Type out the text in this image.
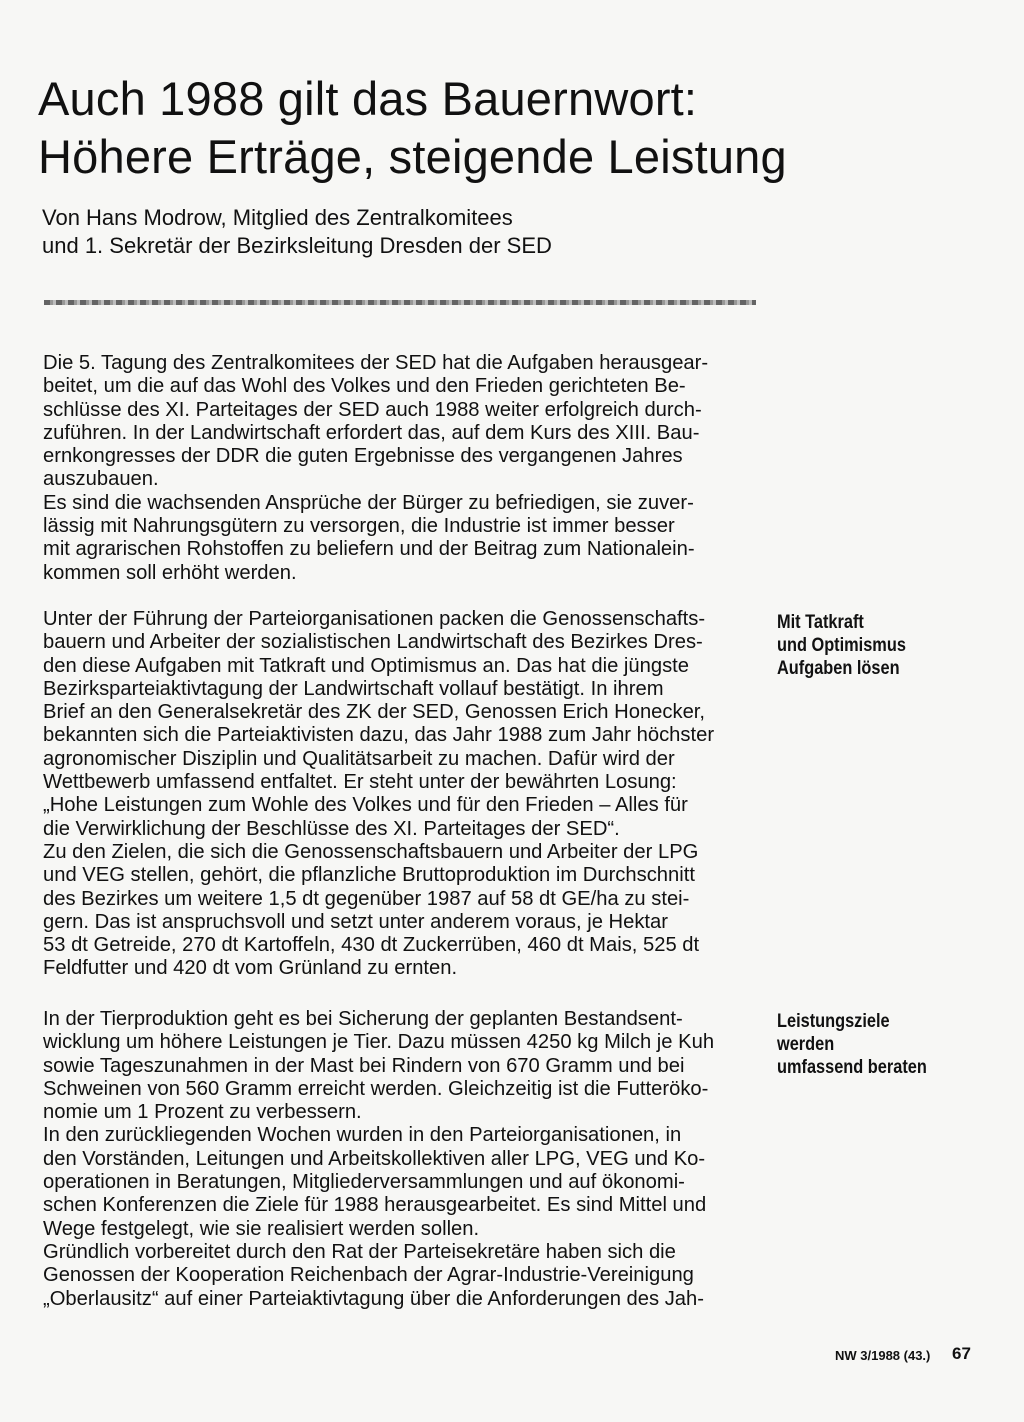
Auch 1988 gilt das Bauernwort:
Höhere Erträge, steigende Leistung
Von Hans Modrow, Mitglied des Zentralkomitees
und 1. Sekretär der Bezirksleitung Dresden der SED
Die 5. Tagung des Zentralkomitees der SED hat die Aufgaben herausgear-
beitet, um die auf das Wohl des Volkes und den Frieden gerichteten Be-
schlüsse des XI. Parteitages der SED auch 1988 weiter erfolgreich durch-
zuführen. In der Landwirtschaft erfordert das, auf dem Kurs des XIII. Bau-
ernkongresses der DDR die guten Ergebnisse des vergangenen Jahres
auszubauen.
Es sind die wachsenden Ansprüche der Bürger zu befriedigen, sie zuver-
lässig mit Nahrungsgütern zu versorgen, die Industrie ist immer besser
mit agrarischen Rohstoffen zu beliefern und der Beitrag zum Nationalein-
kommen soll erhöht werden.
Unter der Führung der Parteiorganisationen packen die Genossenschafts-
bauern und Arbeiter der sozialistischen Landwirtschaft des Bezirkes Dres-
den diese Aufgaben mit Tatkraft und Optimismus an. Das hat die jüngste
Bezirksparteiaktivtagung der Landwirtschaft vollauf bestätigt. In ihrem
Brief an den Generalsekretär des ZK der SED, Genossen Erich Honecker,
bekannten sich die Parteiaktivisten dazu, das Jahr 1988 zum Jahr höchster
agronomischer Disziplin und Qualitätsarbeit zu machen. Dafür wird der
Wettbewerb umfassend entfaltet. Er steht unter der bewährten Losung:
„Hohe Leistungen zum Wohle des Volkes und für den Frieden – Alles für
die Verwirklichung der Beschlüsse des XI. Parteitages der SED“.
Zu den Zielen, die sich die Genossenschaftsbauern und Arbeiter der LPG
und VEG stellen, gehört, die pflanzliche Bruttoproduktion im Durchschnitt
des Bezirkes um weitere 1,5 dt gegenüber 1987 auf 58 dt GE/ha zu stei-
gern. Das ist anspruchsvoll und setzt unter anderem voraus, je Hektar
53 dt Getreide, 270 dt Kartoffeln, 430 dt Zuckerrüben, 460 dt Mais, 525 dt
Feldfutter und 420 dt vom Grünland zu ernten.
Mit Tatkraft
und Optimismus
Aufgaben lösen
In der Tierproduktion geht es bei Sicherung der geplanten Bestandsent-
wicklung um höhere Leistungen je Tier. Dazu müssen 4250 kg Milch je Kuh
sowie Tageszunahmen in der Mast bei Rindern von 670 Gramm und bei
Schweinen von 560 Gramm erreicht werden. Gleichzeitig ist die Futteröko-
nomie um 1 Prozent zu verbessern.
In den zurückliegenden Wochen wurden in den Parteiorganisationen, in
den Vorständen, Leitungen und Arbeitskollektiven aller LPG, VEG und Ko-
operationen in Beratungen, Mitgliederversammlungen und auf ökonomi-
schen Konferenzen die Ziele für 1988 herausgearbeitet. Es sind Mittel und
Wege festgelegt, wie sie realisiert werden sollen.
Gründlich vorbereitet durch den Rat der Parteisekretäre haben sich die
Genossen der Kooperation Reichenbach der Agrar-Industrie-Vereinigung
„Oberlausitz“ auf einer Parteiaktivtagung über die Anforderungen des Jah-
Leistungsziele
werden
umfassend beraten
NW 3/1988 (43.) 67
